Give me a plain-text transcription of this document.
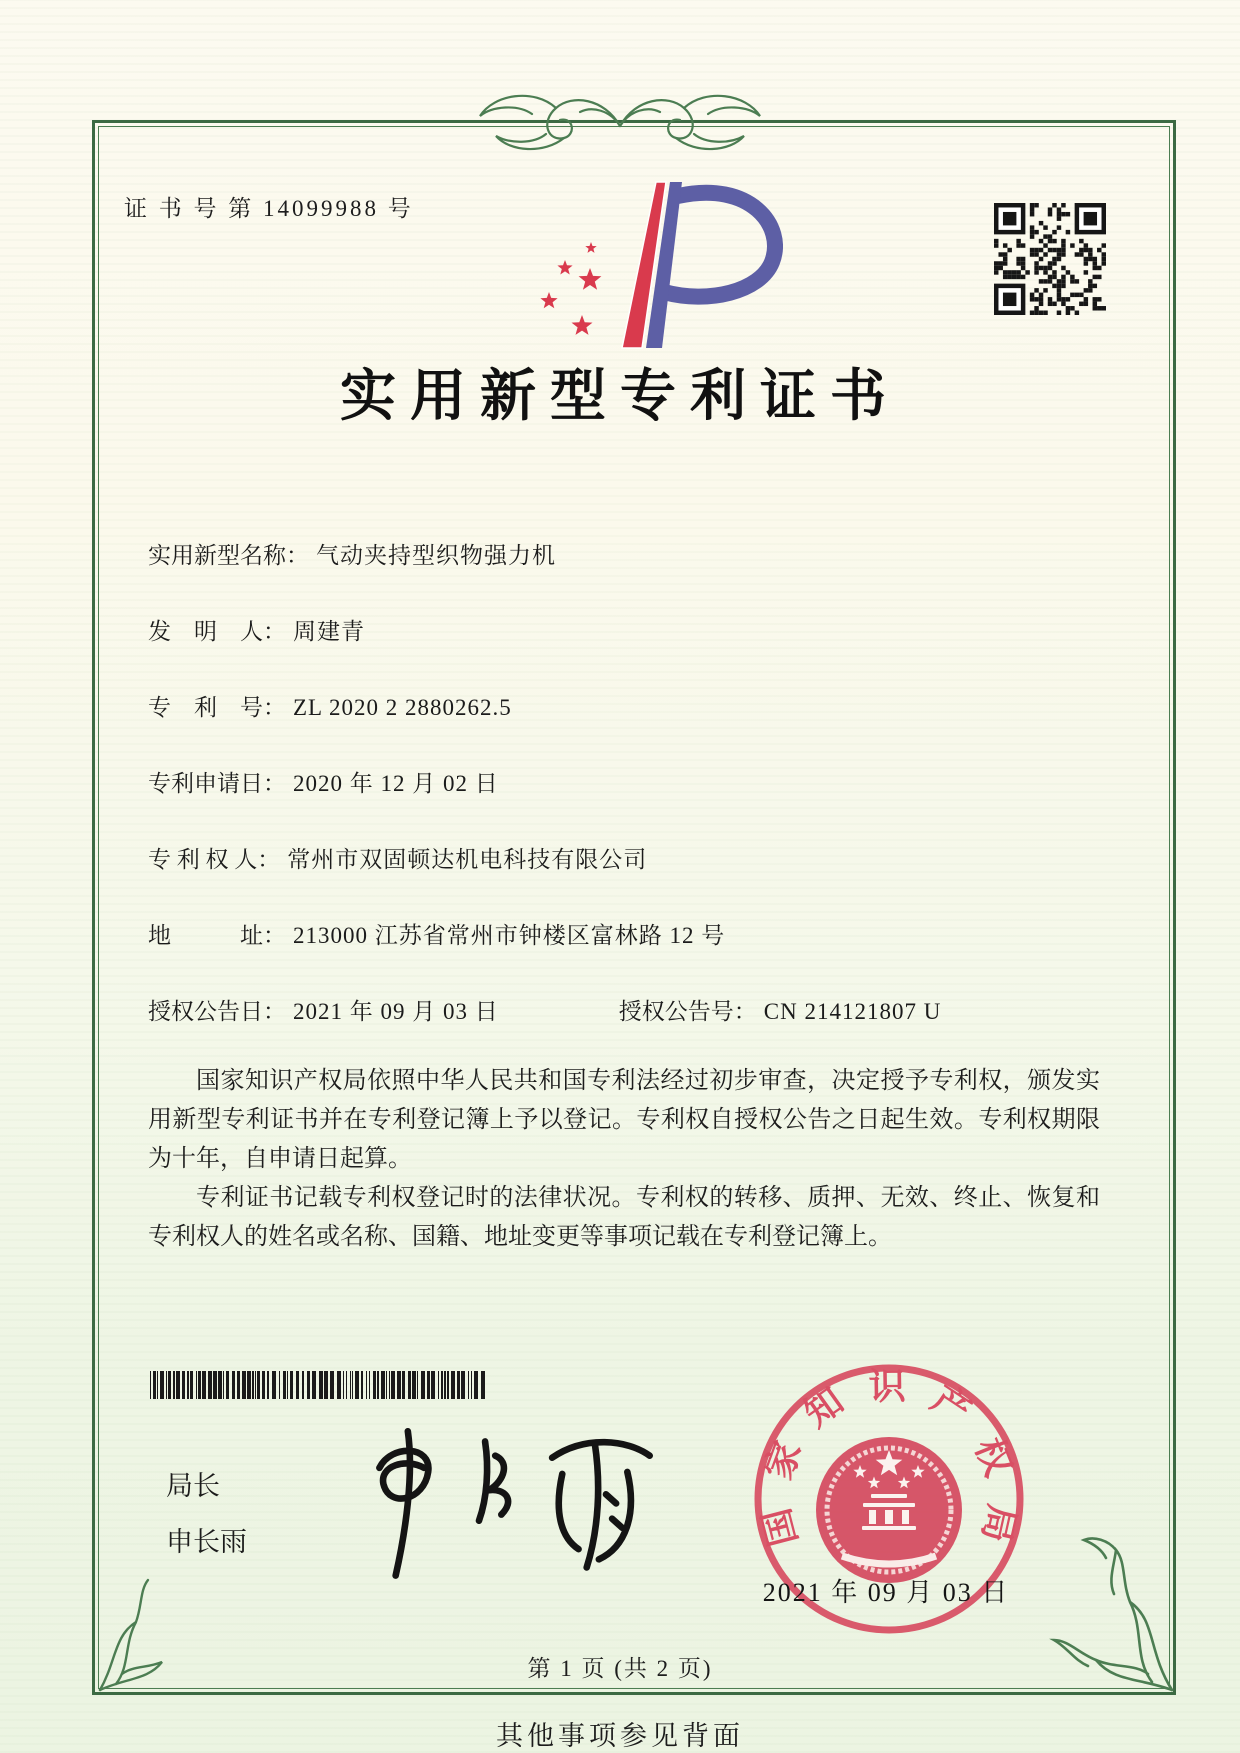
证 书 号 第 14099988 号
实用新型专利证书
实用新型名称： 气动夹持型织物强力机
发　明　人： 周建青
专　利　号： ZL 2020 2 2880262.5
专利申请日： 2020 年 12 月 02 日
专 利 权 人： 常州市双固顿达机电科技有限公司
地　　　址： 213000 江苏省常州市钟楼区富林路 12 号
授权公告日： 2021 年 09 月 03 日	授权公告号： CN 214121807 U

国家知识产权局依照中华人民共和国专利法经过初步审查，决定授予专利权，颁发实用新型专利证书并在专利登记簿上予以登记。专利权自授权公告之日起生效。专利权期限为十年，自申请日起算。

专利证书记载专利权登记时的法律状况。专利权的转移、质押、无效、终止、恢复和专利权人的姓名或名称、国籍、地址变更等事项记载在专利登记簿上。

局长
申长雨	国家知识产权局
2021 年 09 月 03 日
第 1 页 (共 2 页)
其他事项参见背面
